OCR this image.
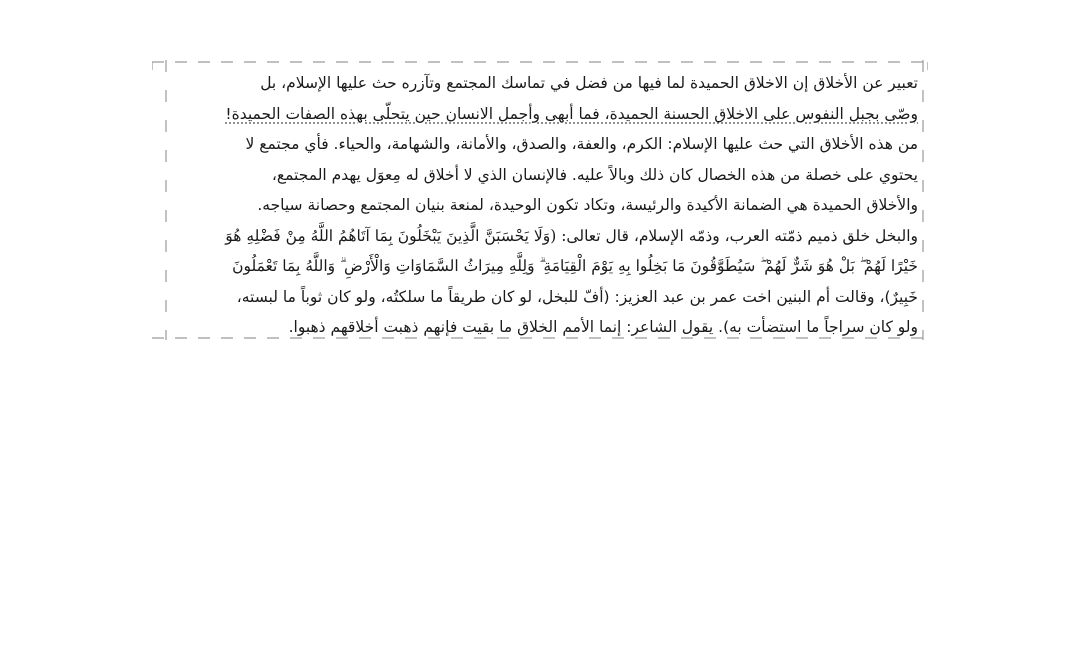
تعبير عن الأخلاق إن الاخلاق الحميدة لما فيها من فضل في تماسك المجتمع وتآزره حث عليها الإسلام، بل

وصّى بجبل النفوس على الاخلاق الحسنة الحميدة، فما أبهى وأجمل الانسان حين يتحلّى بهذه الصفات الحميدة!

من هذه الأخلاق التي حث عليها الإسلام: الكرم، والعفة، والصدق، والأمانة، والشهامة، والحياء. فأي مجتمع لا

يحتوي على خصلة من هذه الخصال كان ذلك وبالاً عليه. فالإنسان الذي لا أخلاق له مِعوَل يهدم المجتمع،

والأخلاق الحميدة هي الضمانة الأكيدة والرئيسة، وتكاد تكون الوحيدة، لمنعة بنيان المجتمع وحصانة سياجه.

والبخل خلق ذميم ذمّته العرب، وذمّه الإسلام، قال تعالى: (وَلَا يَحْسَبَنَّ الَّذِينَ يَبْخَلُونَ بِمَا آتَاهُمُ اللَّهُ مِنْ فَضْلِهِ هُوَ

خَيْرًا لَهُمْ ۖ بَلْ هُوَ شَرٌّ لَهُمْ ۖ سَيُطَوَّقُونَ مَا بَخِلُوا بِهِ يَوْمَ الْقِيَامَةِ ۗ وَلِلَّهِ مِيرَاثُ السَّمَاوَاتِ وَالْأَرْضِ ۗ وَاللَّهُ بِمَا تَعْمَلُونَ

خَبِيرٌ)، وقالت أم البنين اخت عمر بن عبد العزيز: (أفّ للبخل، لو كان طريقاً ما سلكتُه، ولو كان ثوباً ما لبسته،

ولو كان سراجاً ما استضأت به). يقول الشاعر: إنما الأمم الخلاق ما بقيت فإنهم ذهبت أخلاقهم ذهبوا.
